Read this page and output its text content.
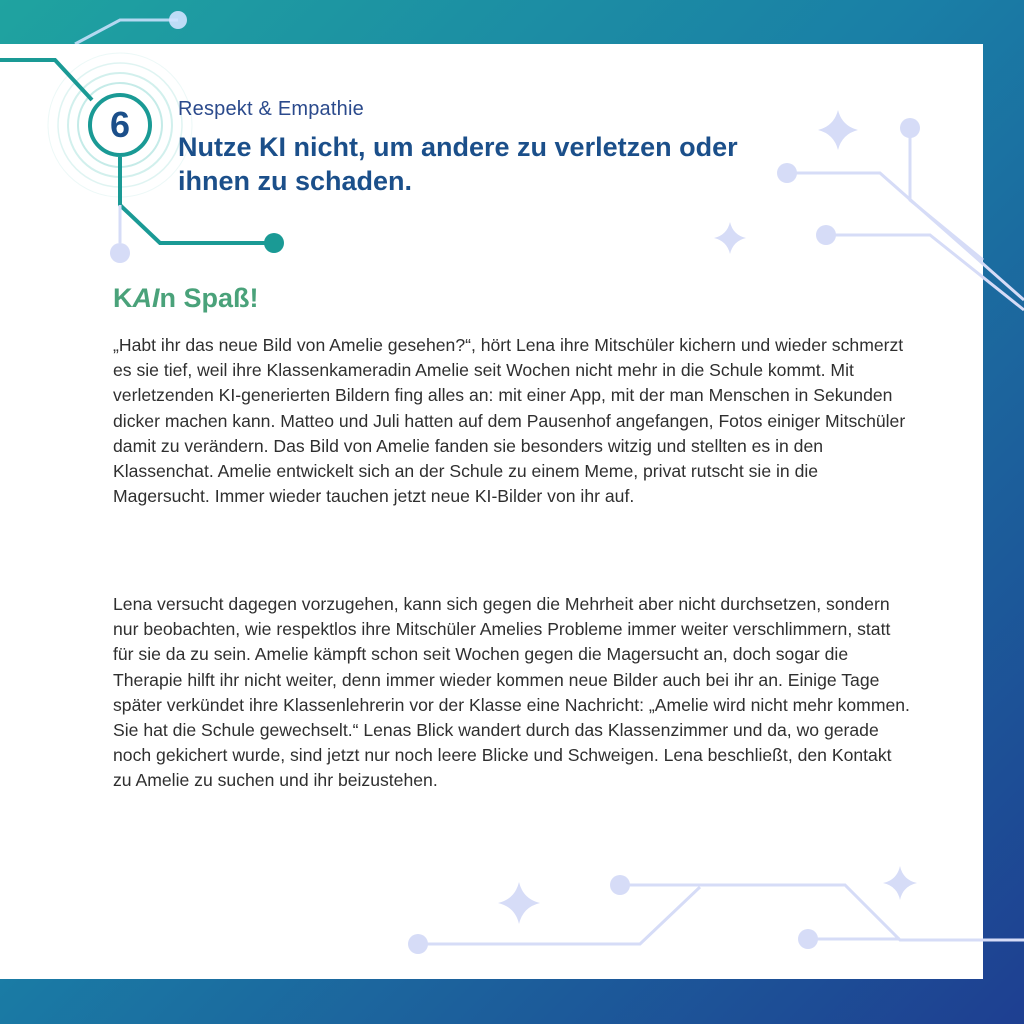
6 Respekt & Empathie
Nutze KI nicht, um andere zu verletzen oder ihnen zu schaden.
KAIn Spaß!

„Habt ihr das neue Bild von Amelie gesehen?“, hört Lena ihre Mitschüler kichern und wieder schmerzt es sie tief, weil ihre Klassenkameradin Amelie seit Wochen nicht mehr in die Schule kommt. Mit verletzenden KI-generierten Bildern fing alles an: mit einer App, mit der man Menschen in Sekunden dicker machen kann. Matteo und Juli hatten auf dem Pausenhof angefangen, Fotos einiger Mitschüler damit zu verändern. Das Bild von Amelie fanden sie besonders witzig und stellten es in den Klassenchat. Amelie entwickelt sich an der Schule zu einem Meme, privat rutscht sie in die Magersucht. Immer wieder tauchen jetzt neue KI-Bilder von ihr auf.

Lena versucht dagegen vorzugehen, kann sich gegen die Mehrheit aber nicht durchsetzen, sondern nur beobachten, wie respektlos ihre Mitschüler Amelies Probleme immer weiter verschlimmern, statt für sie da zu sein. Amelie kämpft schon seit Wochen gegen die Magersucht an, doch sogar die Therapie hilft ihr nicht weiter, denn immer wieder kommen neue Bilder auch bei ihr an. Einige Tage später verkündet ihre Klassenlehrerin vor der Klasse eine Nachricht: „Amelie wird nicht mehr kommen. Sie hat die Schule gewechselt.“ Lenas Blick wandert durch das Klassenzimmer und da, wo gerade noch gekichert wurde, sind jetzt nur noch leere Blicke und Schweigen. Lena beschließt, den Kontakt zu Amelie zu suchen und ihr beizustehen.
